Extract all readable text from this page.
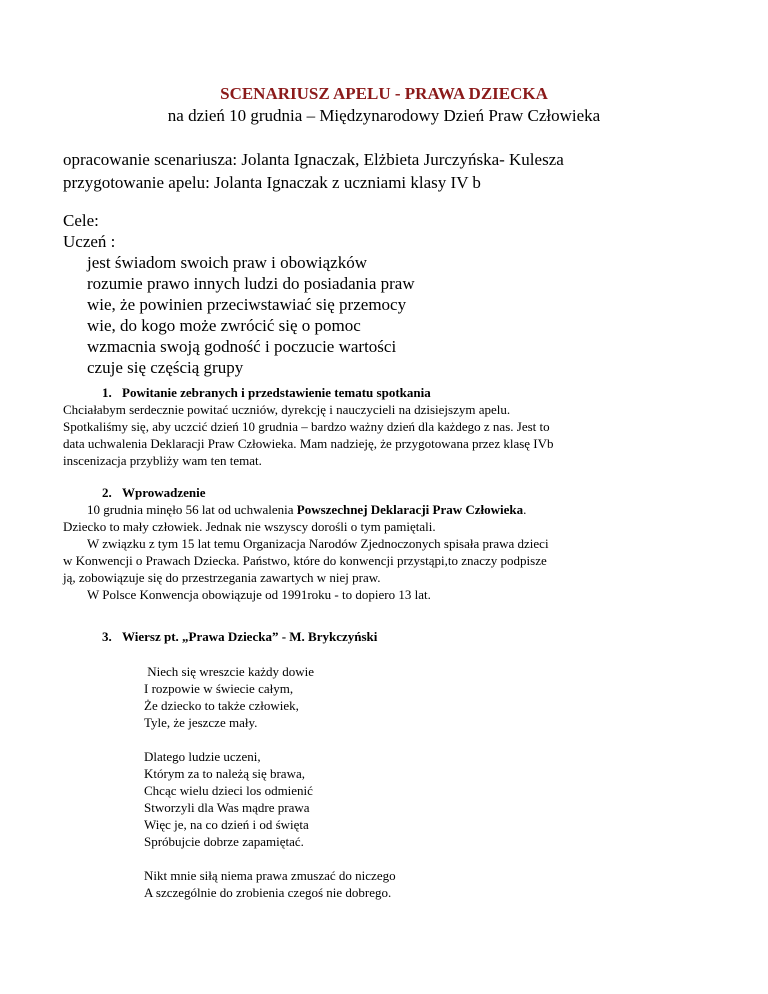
SCENARIUSZ APELU - PRAWA DZIECKA
na dzień 10 grudnia – Międzynarodowy Dzień Praw Człowieka
opracowanie scenariusza: Jolanta Ignaczak, Elżbieta Jurczyńska- Kulesza
przygotowanie apelu: Jolanta Ignaczak z uczniami klasy IV b
Cele:
Uczeń :
jest świadom swoich praw i obowiązków
rozumie prawo innych ludzi do posiadania praw
wie, że powinien przeciwstawiać się przemocy
wie, do kogo może zwrócić się o pomoc
wzmacnia swoją godność i poczucie wartości
czuje się częścią grupy
1. Powitanie zebranych i przedstawienie tematu spotkania
Chciałabym serdecznie powitać uczniów, dyrekcję i nauczycieli na dzisiejszym apelu.
Spotkaliśmy się, aby uczcić dzień 10 grudnia – bardzo ważny dzień dla każdego z nas. Jest to
data uchwalenia Deklaracji Praw Człowieka. Mam nadzieję, że przygotowana przez klasę IVb
inscenizacja przybliży wam ten temat.
2. Wprowadzenie
10 grudnia minęło 56 lat od uchwalenia Powszechnej Deklaracji Praw Człowieka.
Dziecko to mały człowiek. Jednak nie wszyscy dorośli o tym pamiętali.
W związku z tym 15 lat temu Organizacja Narodów Zjednoczonych spisała prawa dzieci
w Konwencji o Prawach Dziecka. Państwo, które do konwencji przystąpi,to znaczy podpisze
ją, zobowiązuje się do przestrzegania zawartych w niej praw.
W Polsce Konwencja obowiązuje od 1991roku - to dopiero 13 lat.
3. Wiersz pt. „Prawa Dziecka” - M. Brykczyński
Niech się wreszcie każdy dowie
I rozpowie w świecie całym,
Że dziecko to także człowiek,
Tyle, że jeszcze mały.
Dlatego ludzie uczeni,
Którym za to należą się brawa,
Chcąc wielu dzieci los odmienić
Stworzyli dla Was mądre prawa
Więc je, na co dzień i od święta
Spróbujcie dobrze zapamiętać.
Nikt mnie siłą niema prawa zmuszać do niczego
A szczególnie do zrobienia czegoś nie dobrego.
